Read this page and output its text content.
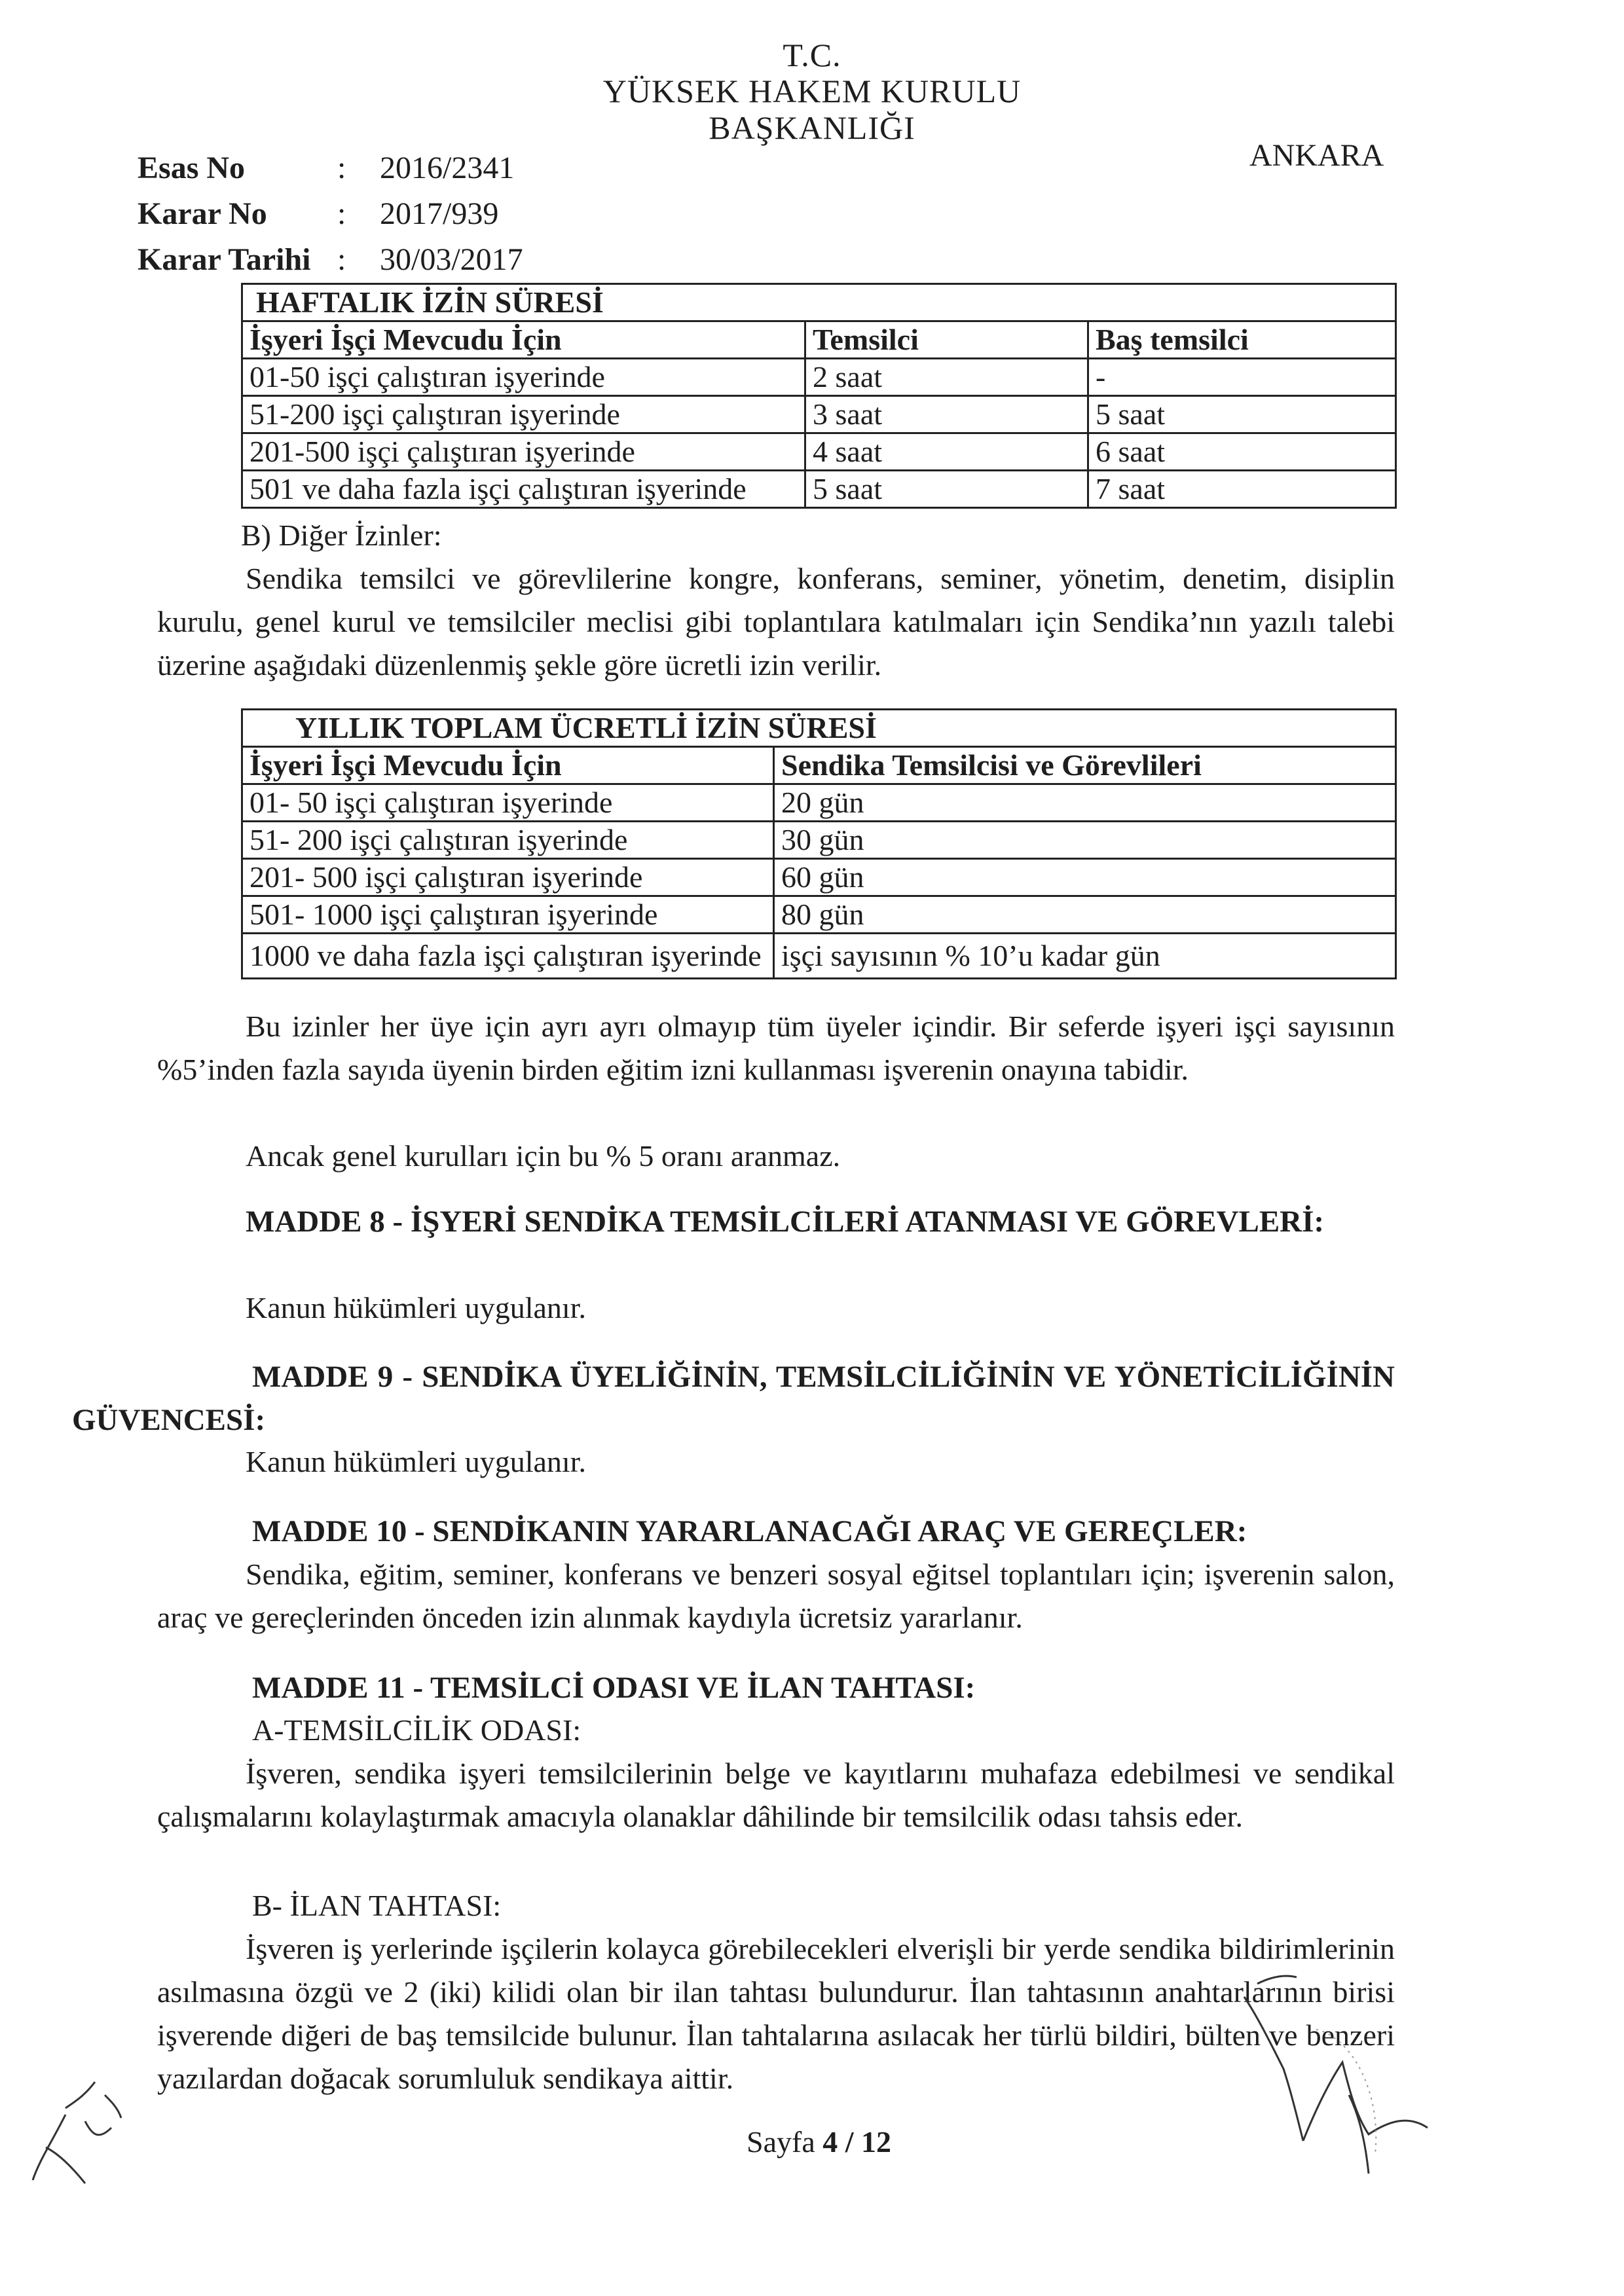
T.C.
YÜKSEK HAKEM KURULU
BAŞKANLIĞI
ANKARA
Esas No	: 2016/2341
Karar No : 2017/939
Karar Tarihi : 30/03/2017
HAFTALIK İZİN SÜRESİ		
İşyeri İşçi Mevcudu İçin	Temsilci	Baş temsilci
01-50 işçi çalıştıran işyerinde	2 saat	-
51-200 işçi çalıştıran işyerinde	3 saat	5 saat
201-500 işçi çalıştıran işyerinde	4 saat	6 saat
501 ve daha fazla işçi çalıştıran işyerinde	5 saat	7 saat
B) Diğer İzinler:
Sendika temsilci ve görevlilerine kongre, konferans, seminer, yönetim, denetim, disiplin kurulu, genel kurul ve temsilciler meclisi gibi toplantılara katılmaları için Sendika’nın yazılı talebi üzerine aşağıdaki düzenlenmiş şekle göre ücretli izin verilir.
YILLIK TOPLAM ÜCRETLİ İZİN SÜRESİ	
İşyeri İşçi Mevcudu İçin	Sendika Temsilcisi ve Görevlileri
01- 50 işçi çalıştıran işyerinde	20 gün
51- 200 işçi çalıştıran işyerinde	30 gün
201- 500 işçi çalıştıran işyerinde	60 gün
501- 1000 işçi çalıştıran işyerinde	80 gün
1000 ve daha fazla işçi çalıştıran işyerinde	işçi sayısının % 10’u kadar gün
Bu izinler her üye için ayrı ayrı olmayıp tüm üyeler içindir. Bir seferde işyeri işçi sayısının %5’inden fazla sayıda üyenin birden eğitim izni kullanması işverenin onayına tabidir.
Ancak genel kurulları için bu % 5 oranı aranmaz.
MADDE 8 - İŞYERİ SENDİKA TEMSİLCİLERİ ATANMASI VE GÖREVLERİ:
Kanun hükümleri uygulanır.
MADDE 9 - SENDİKA ÜYELİĞİNİN, TEMSİLCİLİĞİNİN VE YÖNETİCİLİĞİNİN GÜVENCESİ:
Kanun hükümleri uygulanır.
MADDE 10 - SENDİKANIN YARARLANACAĞI ARAÇ VE GEREÇLER:
Sendika, eğitim, seminer, konferans ve benzeri sosyal eğitsel toplantıları için; işverenin salon, araç ve gereçlerinden önceden izin alınmak kaydıyla ücretsiz yararlanır.
MADDE 11 - TEMSİLCİ ODASI VE İLAN TAHTASI:
A-TEMSİLCİLİK ODASI:
İşveren, sendika işyeri temsilcilerinin belge ve kayıtlarını muhafaza edebilmesi ve sendikal çalışmalarını kolaylaştırmak amacıyla olanaklar dâhilinde bir temsilcilik odası tahsis eder.
B- İLAN TAHTASI:
İşveren iş yerlerinde işçilerin kolayca görebilecekleri elverişli bir yerde sendika bildirimlerinin asılmasına özgü ve 2 (iki) kilidi olan bir ilan tahtası bulundurur. İlan tahtasının anahtarlarının birisi işverende diğeri de baş temsilcide bulunur. İlan tahtalarına asılacak her türlü bildiri, bülten ve benzeri yazılardan doğacak sorumluluk sendikaya aittir.
Sayfa 4 / 12
